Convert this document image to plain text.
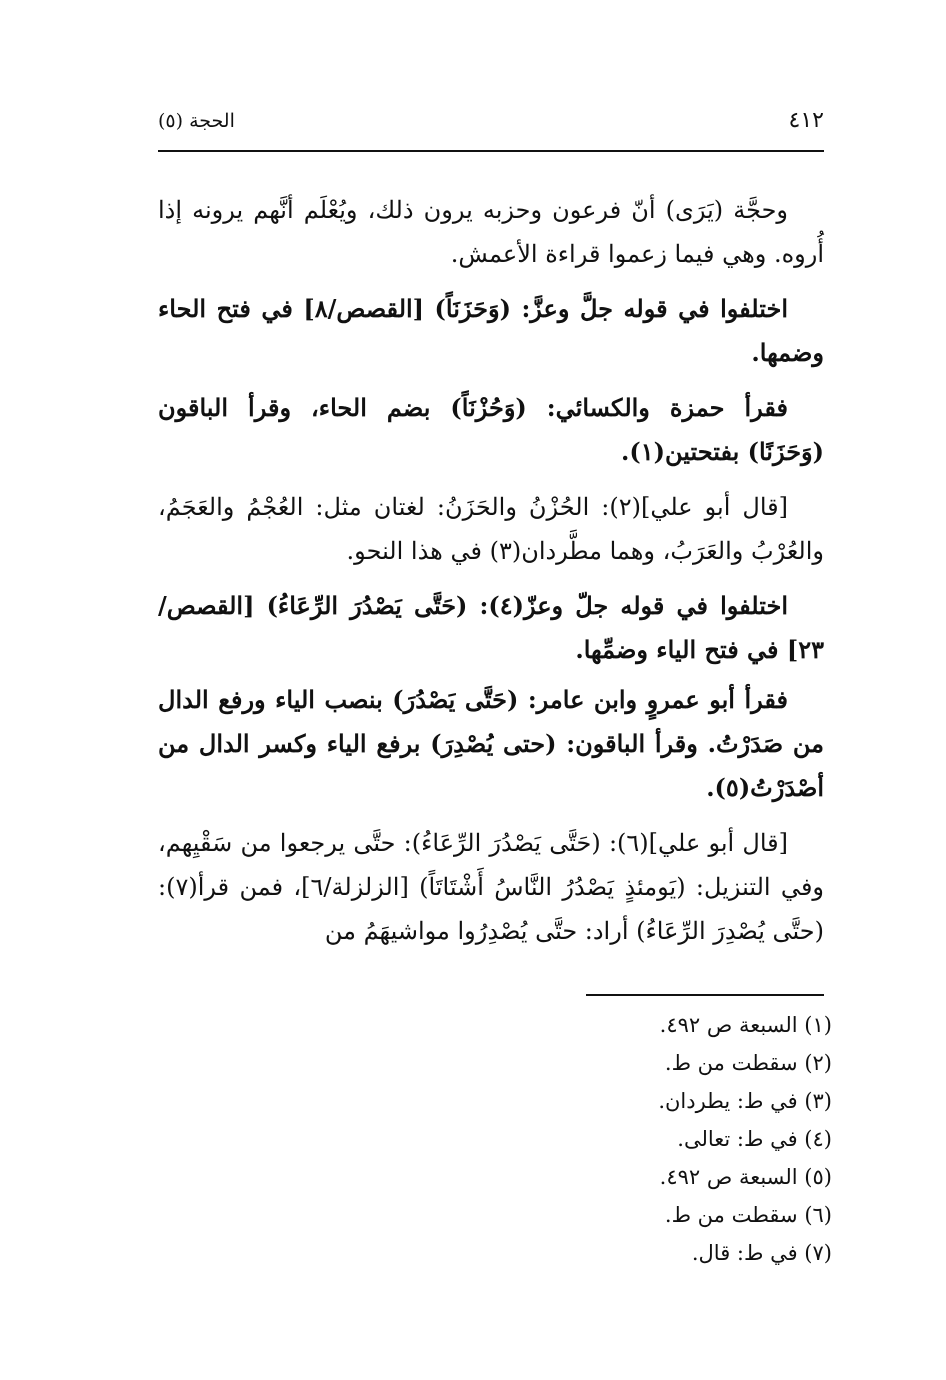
٤١٢
الحجة (٥)

وحجَّة (يَرَى) أنّ فرعون وحزبه يرون ذلك، ويُعْلَم أنَّهم يرونه إذا أُروه. وهي فيما زعموا قراءة الأعمش.

اختلفوا في قوله جلَّ وعزَّ: (وَحَزَنَاً) [القصص/٨] في فتح الحاء وضمها.

فقرأ حمزة والكسائي: (وَحُزْنَاً) بضم الحاء، وقرأ الباقون (وَحَزَنًا) بفتحتين(١).

[قال أبو علي](٢): الحُزْنُ والحَزَنُ: لغتان مثل: العُجْمُ والعَجَمُ، والعُرْبُ والعَرَبُ، وهما مطَّردان(٣) في هذا النحو.

اختلفوا في قوله جلّ وعزّ(٤): (حَتَّى يَصْدُرَ الرِّعَاءُ) [القصص/٢٣] في فتح الياء وضمِّها.

فقرأ أبو عمروٍ وابن عامر: (حَتَّى يَصْدُرَ) بنصب الياء ورفع الدال من صَدَرْتُ. وقرأ الباقون: (حتى يُصْدِرَ) برفع الياء وكسر الدال من أصْدَرْتُ(٥).

[قال أبو علي](٦): (حَتَّى يَصْدُرَ الرِّعَاءُ): حتَّى يرجعوا من سَقْيِهم، وفي التنزيل: (يَومئذٍ يَصْدُرُ النَّاسُ أَشْتَاتَاً) [الزلزلة/٦]، فمن قرأ(٧): (حتَّى يُصْدِرَ الرِّعَاءُ) أراد: حتَّى يُصْدِرُوا مواشيهَمُ من

(١) السبعة ص ٤٩٢.
(٢) سقطت من ط.
(٣) في ط: يطردان.
(٤) في ط: تعالى.
(٥) السبعة ص ٤٩٢.
(٦) سقطت من ط.
(٧) في ط: قال.
